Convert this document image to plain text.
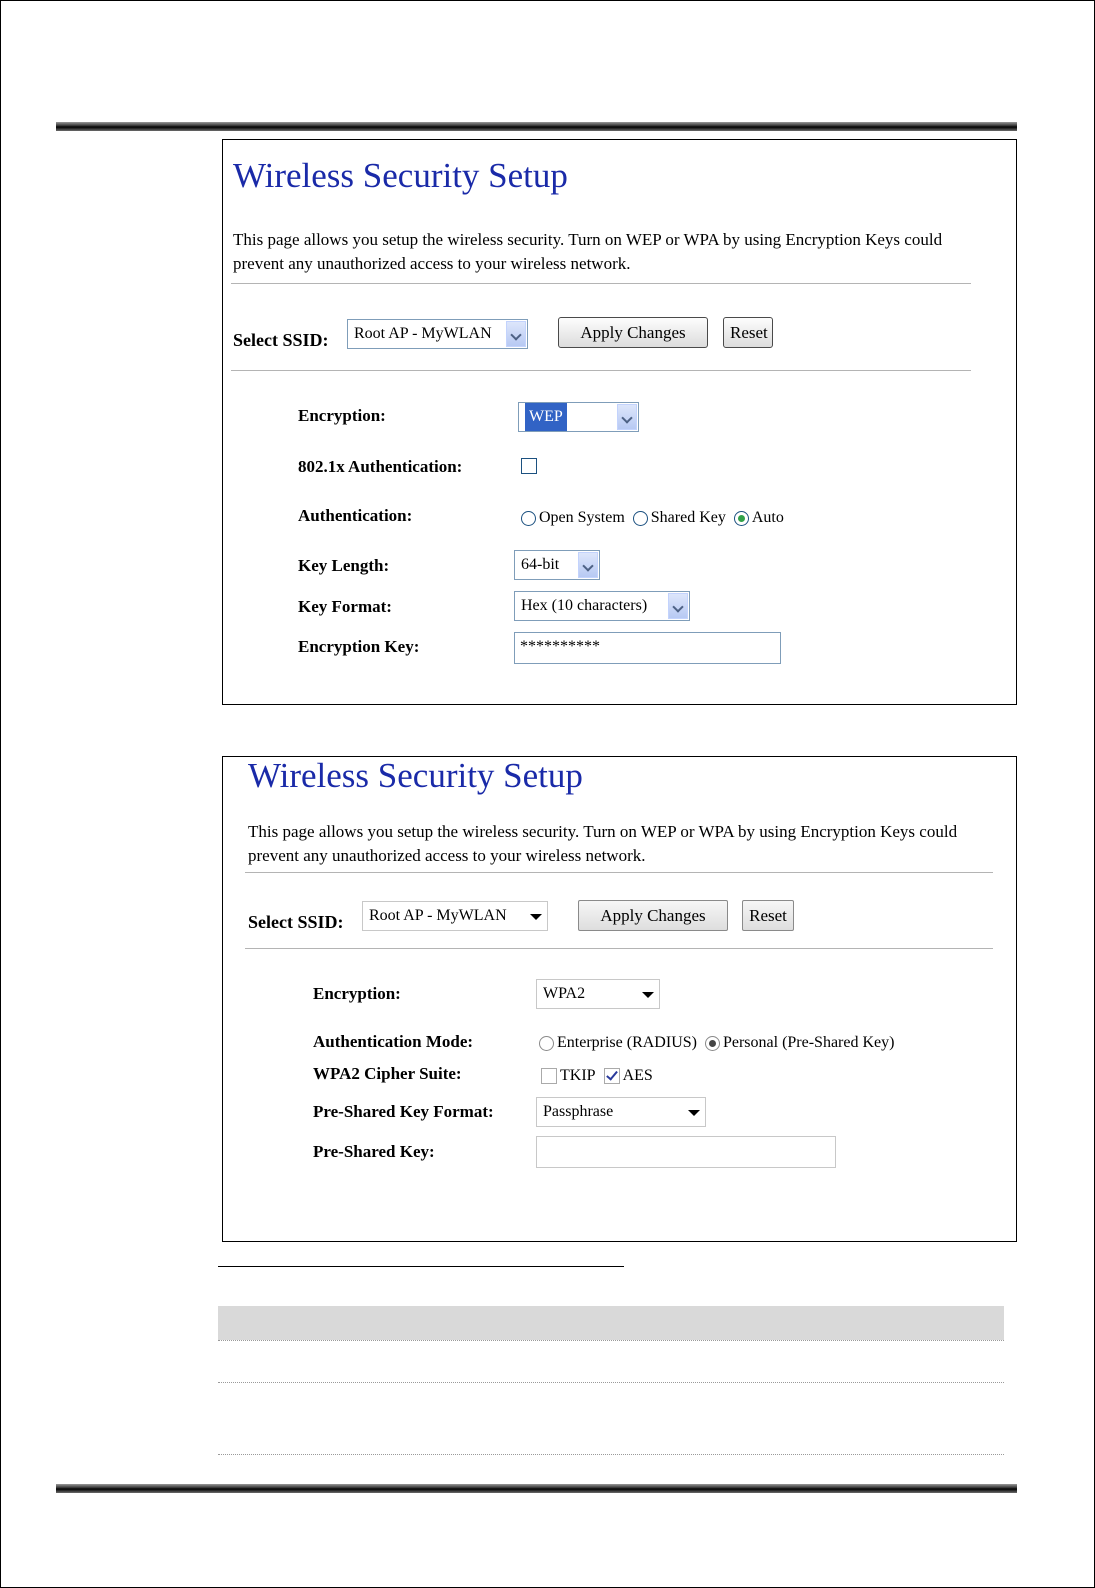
Wireless Security Setup
This page allows you setup the wireless security. Turn on WEP or WPA by using Encryption Keys could prevent any unauthorized access to your wireless network.
Select SSID:	Root AP - MyWLAN	Apply Changes	Reset
Encryption:	WEP
802.1x Authentication:
Authentication:	Open System Shared Key Auto
Key Length:	64-bit
Key Format:	Hex (10 characters)
Encryption Key:	**********
Wireless Security Setup
This page allows you setup the wireless security. Turn on WEP or WPA by using Encryption Keys could prevent any unauthorized access to your wireless network.
Select SSID:	Root AP - MyWLAN	Apply Changes	Reset
Encryption:	WPA2
Authentication Mode:	Enterprise (RADIUS) Personal (Pre-Shared Key)
WPA2 Cipher Suite:	TKIP AES
Pre-Shared Key Format:	Passphrase
Pre-Shared Key:
